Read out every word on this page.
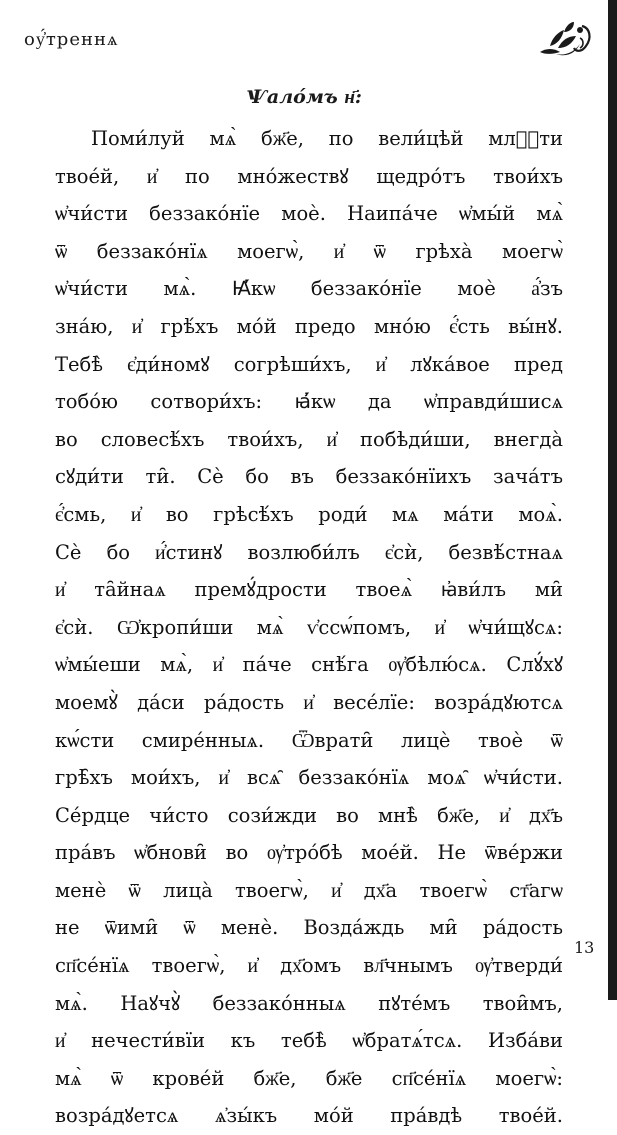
оу҆́треннѧ
Ѱало́мъ н҃:
Поми́луй мѧ̀ бж҃е, по вели́цѣй млⷭ҇ти
твое́й, и҆ по мно́жествꙋ щедро́тъ твои́хъ
ѡ҆чи́сти беззако́нїе моѐ. Наипа́че ѡ҆мы́й мѧ̀
ѿ беззако́нїѧ моегѡ̀, и҆ ѿ грѣха̀ моегѡ̀
ѡ҆чи́сти мѧ̀. Ꙗ҆́кѡ беззако́нїе моѐ а҆́зъ
зна́ю, и҆ грѣ́хъ мо́й предо мно́ю є҆́сть вы́нꙋ.
Тебѣ̀ є҆ди́номꙋ согрѣши́хъ, и҆ лꙋка́вое пред
тобо́ю сотвори́хъ: ꙗ҆́кѡ да ѡ҆правди́шисѧ
во словесѣ́хъ твои́хъ, и҆ побѣди́ши, внегда̀
сꙋди́ти ти̑. Сѐ бо въ беззако́нїихъ зача́тъ
є҆́смь, и҆ во грѣсѣ́хъ роди́ мѧ ма́ти моѧ̀.
Сѐ бо и҆́стинꙋ возлюби́лъ є҆сѝ, безвѣ́стнаѧ
и҆ та̑йнаѧ премꙋ́дрости твоеѧ̀ ꙗ҆ви́лъ ми̑
є҆сѝ. Ѡ҆кропи́ши мѧ̀ ѵ҆ссѡ́помъ, и҆ ѡ҆чи́щꙋсѧ:
ѡ҆мы́еши мѧ̀, и҆ па́че снѣ́га ѹ҆бѣлю́сѧ. Слꙋ́хꙋ
моемꙋ̀ да́си ра́дость и҆ весе́лїе: возра́дꙋютсѧ
кѡ́сти смире́нныѧ. Ѿврати̑ лицѐ твоѐ ѿ
грѣ̑хъ мои́хъ, и҆ всѧ̑ беззако́нїѧ моѧ̑ ѡ҆чи́сти.
Се́рдце чи́сто сози́жди во мнѣ̀ бж҃е, и҆ дх҃ъ
пра́въ ѡ҆бнови̑ во ѹ҆тро́бѣ мое́й. Не ѿве́ржи
менѐ ѿ лица̀ твоегѡ̀, и҆ дх҃а твоегѡ̀ ст҃агѡ
не ѿими̑ ѿ менѐ. Возда́ждь ми̑ ра́дость
сп҃се́нїѧ твоегѡ̀, и҆ дх҃омъ вл҃чнымъ ѹ҆тверди́
мѧ̀. Наꙋчꙋ̀ беззако́нныѧ пꙋте́мъ твои̑мъ,
и҆ нечести́вїи къ тебѣ̀ ѡ҆братѧ́тсѧ. Изба́ви
мѧ̀ ѿ крове́й бж҃е, бж҃е сп҃се́нїѧ моегѡ̀:
возра́дꙋетсѧ ѧ҆зы́къ мо́й пра́вдѣ твое́й.
13
